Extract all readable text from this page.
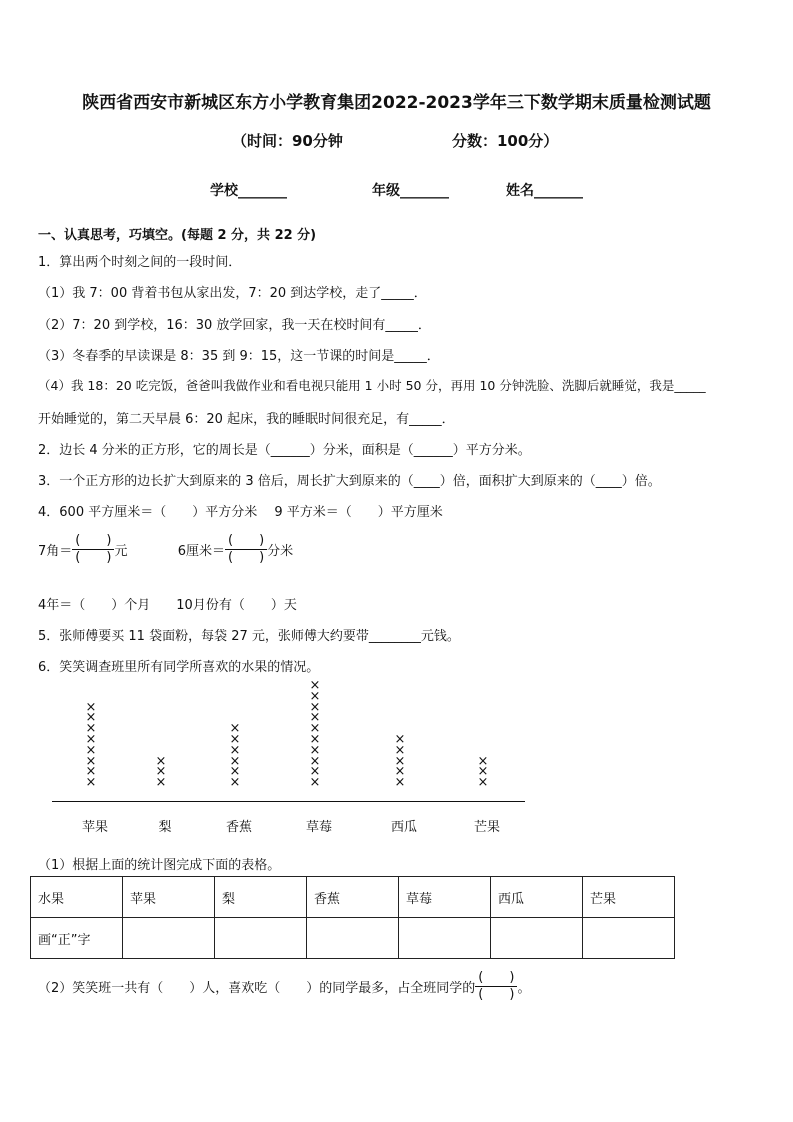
陕西省西安市新城区东方小学教育集团2022-2023学年三下数学期末质量检测试题
（时间：90分钟	分数：100分）
学校_______	年级_______	姓名_______
一、认真思考，巧填空。(每题 2 分，共 22 分)
1．算出两个时刻之间的一段时间．
（1）我 7：00 背着书包从家出发，7：20 到达学校，走了_____．
（2）7：20 到学校，16：30 放学回家，我一天在校时间有_____．
（3）冬春季的早读课是 8：35 到 9：15，这一节课的时间是_____．
（4）我 18：20 吃完饭，爸爸叫我做作业和看电视只能用 1 小时 50 分，再用 10 分钟洗脸、洗脚后就睡觉，我是_____
开始睡觉的，第二天早晨 6：20 起床，我的睡眠时间很充足，有_____．
2．边长 4 分米的正方形，它的周长是（______）分米，面积是（______）平方分米。
3．一个正方形的边长扩大到原来的 3 倍后，周长扩大到原来的（____）倍，面积扩大到原来的（____）倍。
4．600 平方厘米＝（　　）平方分米　 9 平方米＝（　　）平方厘米
7角＝ $\frac{( )}{( )}$ 元	6厘米＝ $\frac{( )}{( )}$ 分米
4年＝（　　）个月　　10月份有（　　）天
5．张师傅要买 11 袋面粉，每袋 27 元，张师傅大约要带________元钱。
6．笑笑调查班里所有同学所喜欢的水果的情况。
×
×
×
×
×
×
×
×
×
×
×
×
×
×
×
×
×
×
×
×
×
×
×
×
×
×
×
×
×
×
×
×
×
×
×
苹果	梨	香蕉	草莓	西瓜	芒果
（1）根据上面的统计图完成下面的表格。
水果	苹果	梨	香蕉	草莓	西瓜	芒果
画“正”字						
（2）笑笑班一共有（　　）人，喜欢吃（　　）的同学最多，占全班同学的 $\frac{( )}{( )}$ 。
